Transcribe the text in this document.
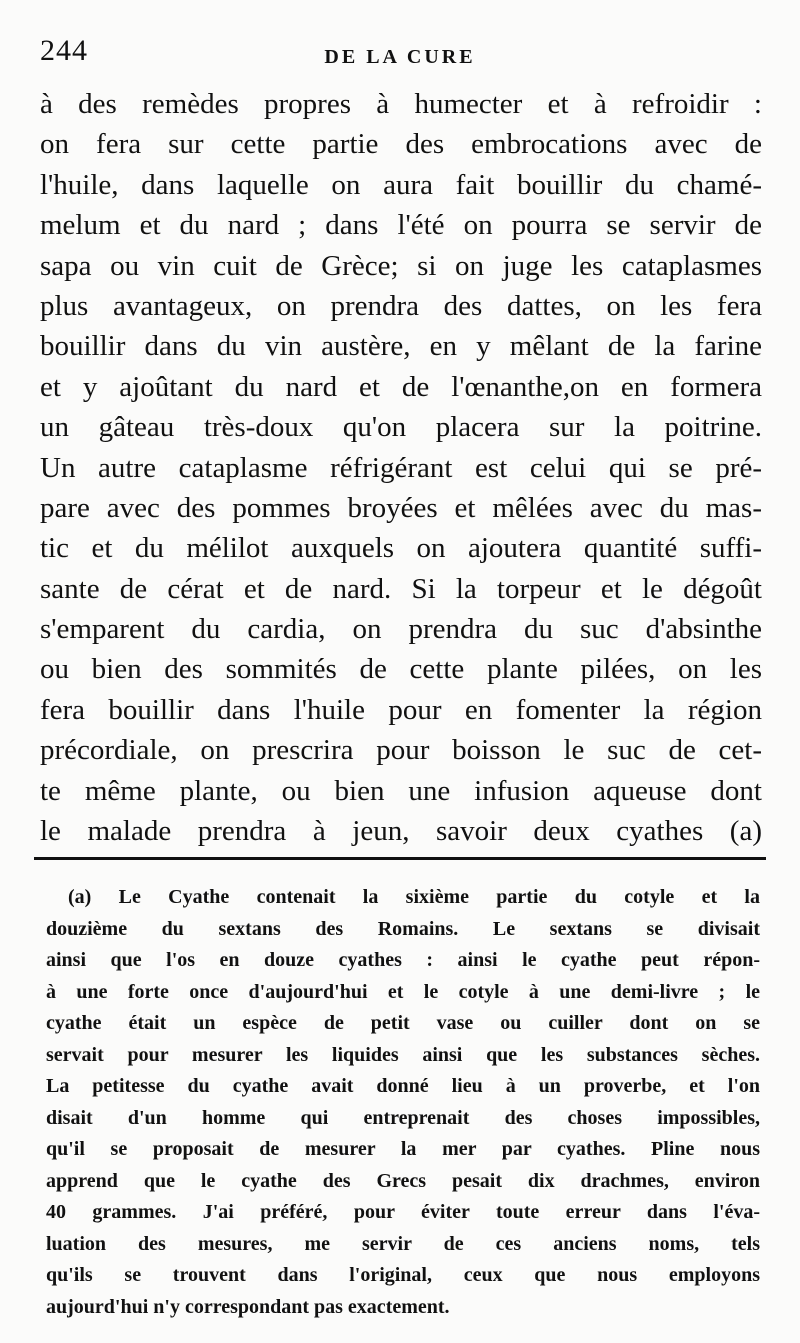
244	DE LA CURE
à des remèdes propres à humecter et à refroidir :
on fera sur cette partie des embrocations avec de
l'huile, dans laquelle on aura fait bouillir du chamé-
melum et du nard ; dans l'été on pourra se servir de
sapa ou vin cuit de Grèce; si on juge les cataplasmes
plus avantageux, on prendra des dattes, on les fera
bouillir dans du vin austère, en y mêlant de la farine
et y ajoûtant du nard et de l'œnanthe,on en formera
un gâteau très-doux qu'on placera sur la poitrine.
Un autre cataplasme réfrigérant est celui qui se pré-
pare avec des pommes broyées et mêlées avec du mas-
tic et du mélilot auxquels on ajoutera quantité suffi-
sante de cérat et de nard. Si la torpeur et le dégoût
s'emparent du cardia, on prendra du suc d'absinthe
ou bien des sommités de cette plante pilées, on les
fera bouillir dans l'huile pour en fomenter la région
précordiale, on prescrira pour boisson le suc de cet-
te même plante, ou bien une infusion aqueuse dont
le malade prendra à jeun, savoir deux cyathes (a)
(a) Le Cyathe contenait la sixième partie du cotyle et la
douzième du sextans des Romains. Le sextans se divisait
ainsi que l'os en douze cyathes : ainsi le cyathe peut répon-
à une forte once d'aujourd'hui et le cotyle à une demi-livre ; le
cyathe était un espèce de petit vase ou cuiller dont on se
servait pour mesurer les liquides ainsi que les substances sèches.
La petitesse du cyathe avait donné lieu à un proverbe, et l'on
disait d'un homme qui entreprenait des choses impossibles,
qu'il se proposait de mesurer la mer par cyathes. Pline nous
apprend que le cyathe des Grecs pesait dix drachmes, environ
40 grammes. J'ai préféré, pour éviter toute erreur dans l'éva-
luation des mesures, me servir de ces anciens noms, tels
qu'ils se trouvent dans l'original, ceux que nous employons
aujourd'hui n'y correspondant pas exactement.
